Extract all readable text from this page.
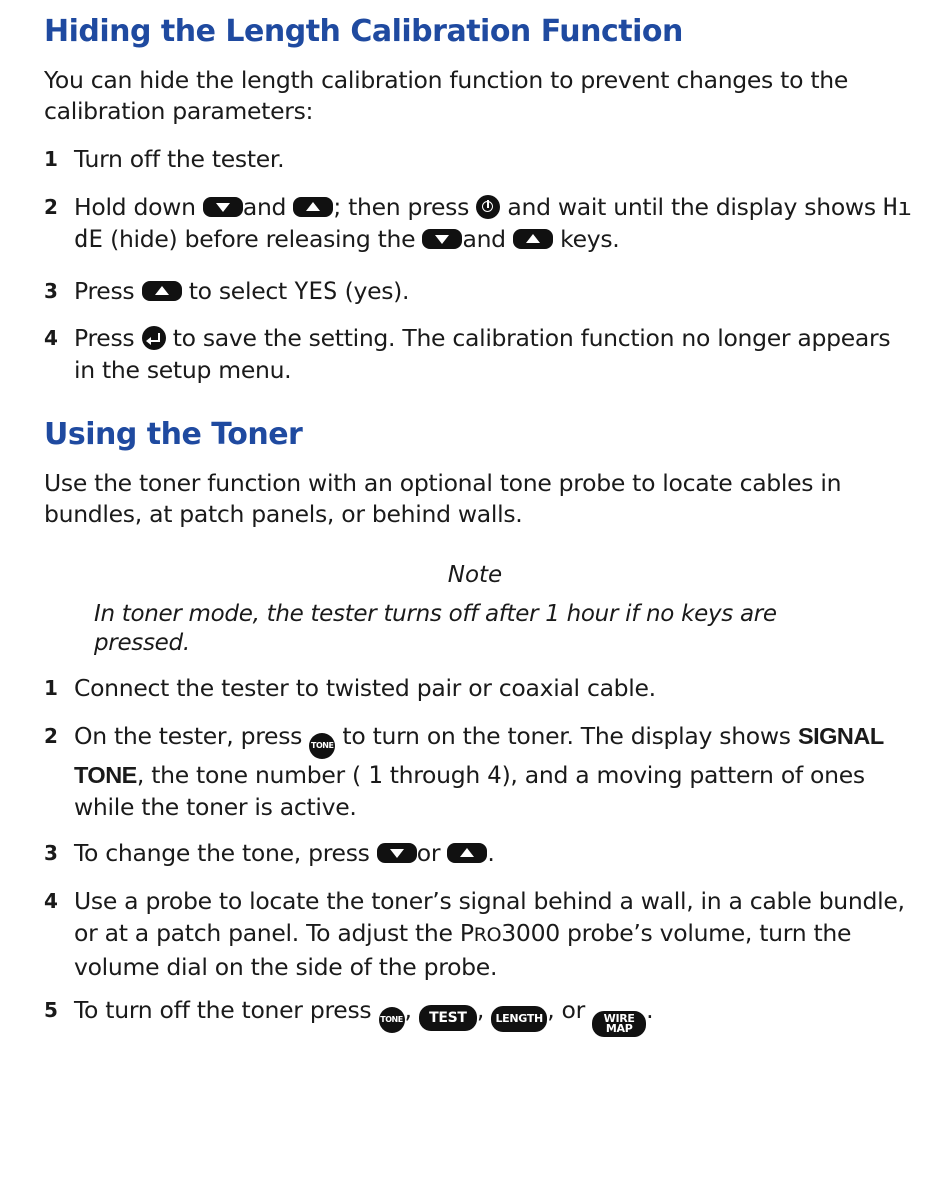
Hiding the Length Calibration Function

You can hide the length calibration function to prevent changes to the calibration parameters:

1 Turn off the tester.
2 Hold down and ; then press  and wait until the display shows Hı dE (hide) before releasing the and  keys.
3 Press  to select YES (yes).
4 Press  to save the setting. The calibration function no longer appears in the setup menu.
Using the Toner

Use the toner function with an optional tone probe to locate cables in bundles, at patch panels, or behind walls.

Note
In toner mode, the tester turns off after 1 hour if no keys are pressed.
1 Connect the tester to twisted pair or coaxial cable.
2 On the tester, press TONE to turn on the toner. The display shows SIGNAL TONE, the tone number ( 1 through 4), and a moving pattern of ones while the toner is active.
3 To change the tone, press or .
4 Use a probe to locate the toner’s signal behind a wall, in a cable bundle, or at a patch panel. To adjust the PRO3000 probe’s volume, turn the volume dial on the side of the probe.
5 To turn off the toner press TONE, TEST , LENGTH , or WIRE
MAP
.
